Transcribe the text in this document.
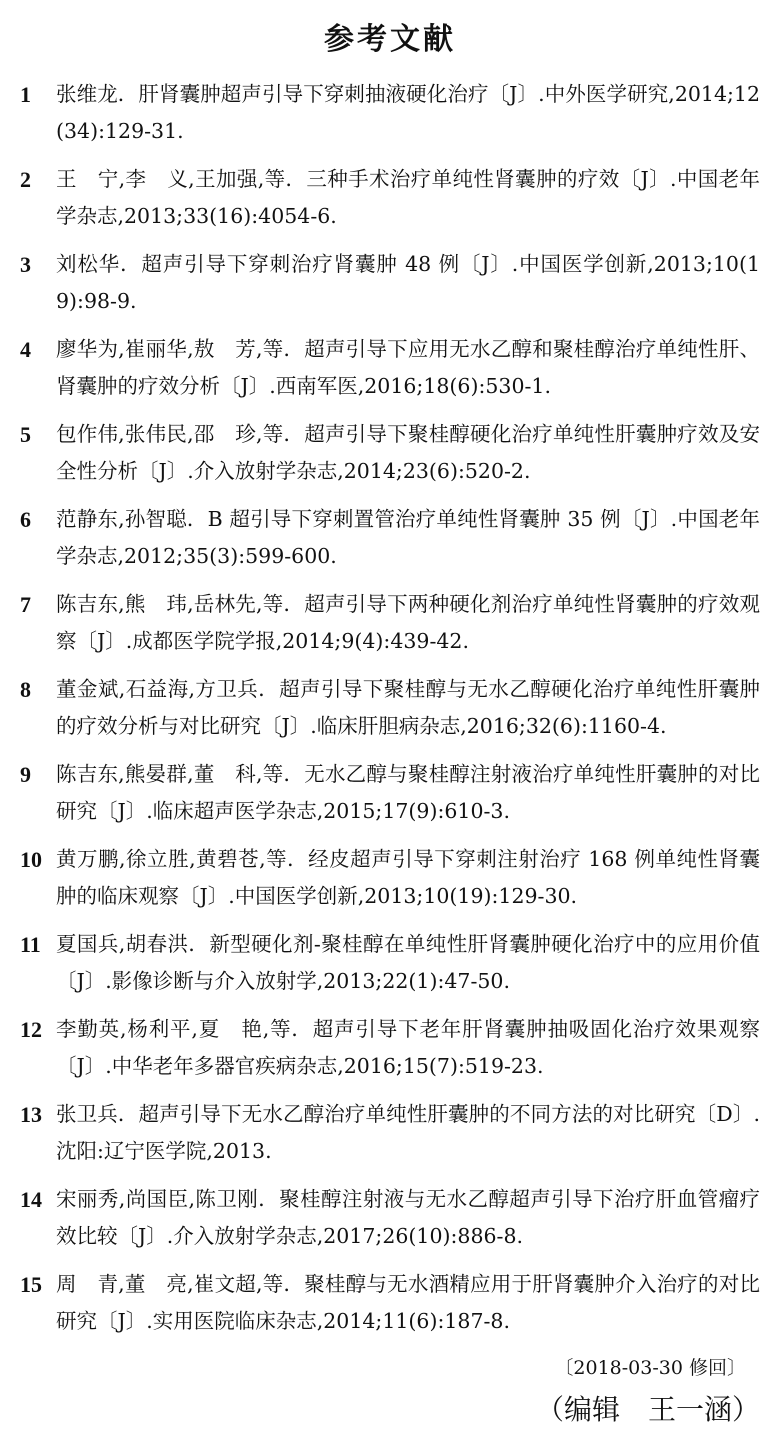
参考文献
1	张维龙．肝肾囊肿超声引导下穿刺抽液硬化治疗〔J〕.中外医学研究,2014;12(34):129-31.
2	王　宁,李　义,王加强,等．三种手术治疗单纯性肾囊肿的疗效〔J〕.中国老年学杂志,2013;33(16):4054-6.
3	刘松华．超声引导下穿刺治疗肾囊肿 48 例〔J〕.中国医学创新,2013;10(19):98-9.
4	廖华为,崔丽华,敖　芳,等．超声引导下应用无水乙醇和聚桂醇治疗单纯性肝、肾囊肿的疗效分析〔J〕.西南军医,2016;18(6):530-1.
5	包作伟,张伟民,邵　珍,等．超声引导下聚桂醇硬化治疗单纯性肝囊肿疗效及安全性分析〔J〕.介入放射学杂志,2014;23(6):520-2.
6	范静东,孙智聪．B 超引导下穿刺置管治疗单纯性肾囊肿 35 例〔J〕.中国老年学杂志,2012;35(3):599-600.
7	陈吉东,熊　玮,岳林先,等．超声引导下两种硬化剂治疗单纯性肾囊肿的疗效观察〔J〕.成都医学院学报,2014;9(4):439-42.
8	董金斌,石益海,方卫兵．超声引导下聚桂醇与无水乙醇硬化治疗单纯性肝囊肿的疗效分析与对比研究〔J〕.临床肝胆病杂志,2016;32(6):1160-4.
9	陈吉东,熊晏群,董　科,等．无水乙醇与聚桂醇注射液治疗单纯性肝囊肿的对比研究〔J〕.临床超声医学杂志,2015;17(9):610-3.
10 黄万鹏,徐立胜,黄碧苍,等．经皮超声引导下穿刺注射治疗 168 例单纯性肾囊肿的临床观察〔J〕.中国医学创新,2013;10(19):129-30.
11 夏国兵,胡春洪．新型硬化剂-聚桂醇在单纯性肝肾囊肿硬化治疗中的应用价值〔J〕.影像诊断与介入放射学,2013;22(1):47-50.
12 李勤英,杨利平,夏　艳,等．超声引导下老年肝肾囊肿抽吸固化治疗效果观察〔J〕.中华老年多器官疾病杂志,2016;15(7):519-23.
13 张卫兵．超声引导下无水乙醇治疗单纯性肝囊肿的不同方法的对比研究〔D〕.沈阳:辽宁医学院,2013.
14 宋丽秀,尚国臣,陈卫刚．聚桂醇注射液与无水乙醇超声引导下治疗肝血管瘤疗效比较〔J〕.介入放射学杂志,2017;26(10):886-8.
15 周　青,董　亮,崔文超,等．聚桂醇与无水酒精应用于肝肾囊肿介入治疗的对比研究〔J〕.实用医院临床杂志,2014;11(6):187-8.
〔2018-03-30 修回〕
（编辑　王一涵）
